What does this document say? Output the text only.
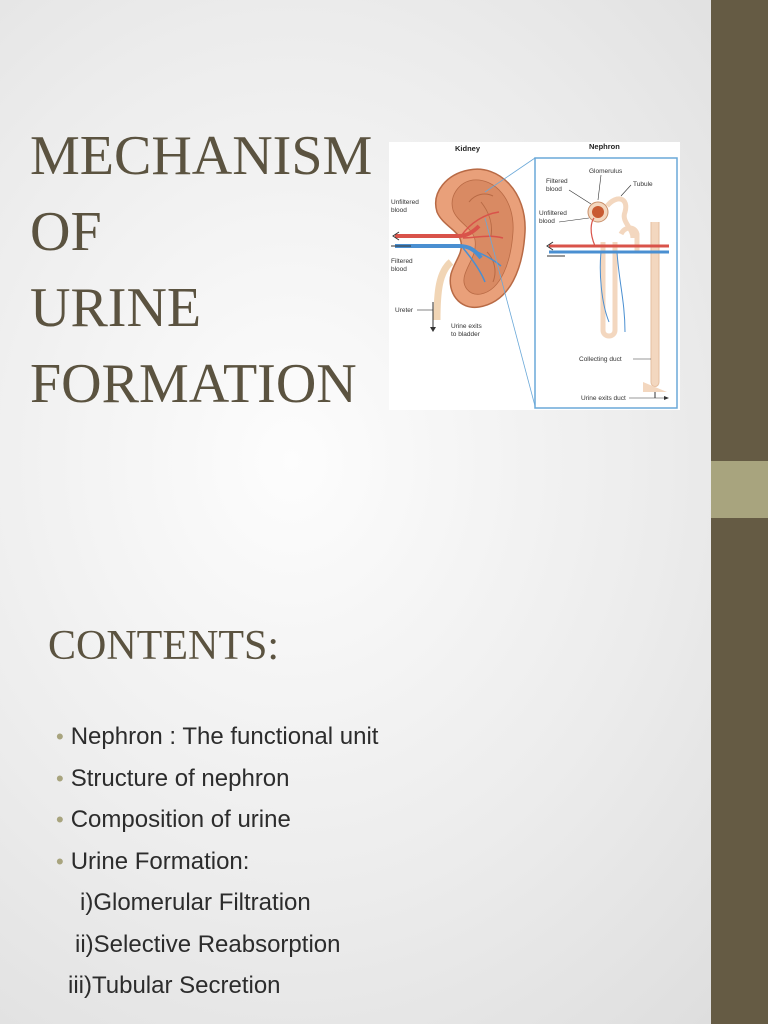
MECHANISM
OF
URINE
FORMATION
Kidney	Nephron
Unfiltered
blood
Filtered
blood
Ureter
Urine exits
to bladder
Glomerulus
Tubule
Filtered
blood
Unfiltered
blood
Collecting duct
Urine exits duct
CONTENTS:
• Nephron : The functional unit
• Structure of nephron
• Composition of urine
• Urine Formation:
i)Glomerular Filtration
ii)Selective Reabsorption
iii)Tubular Secretion
